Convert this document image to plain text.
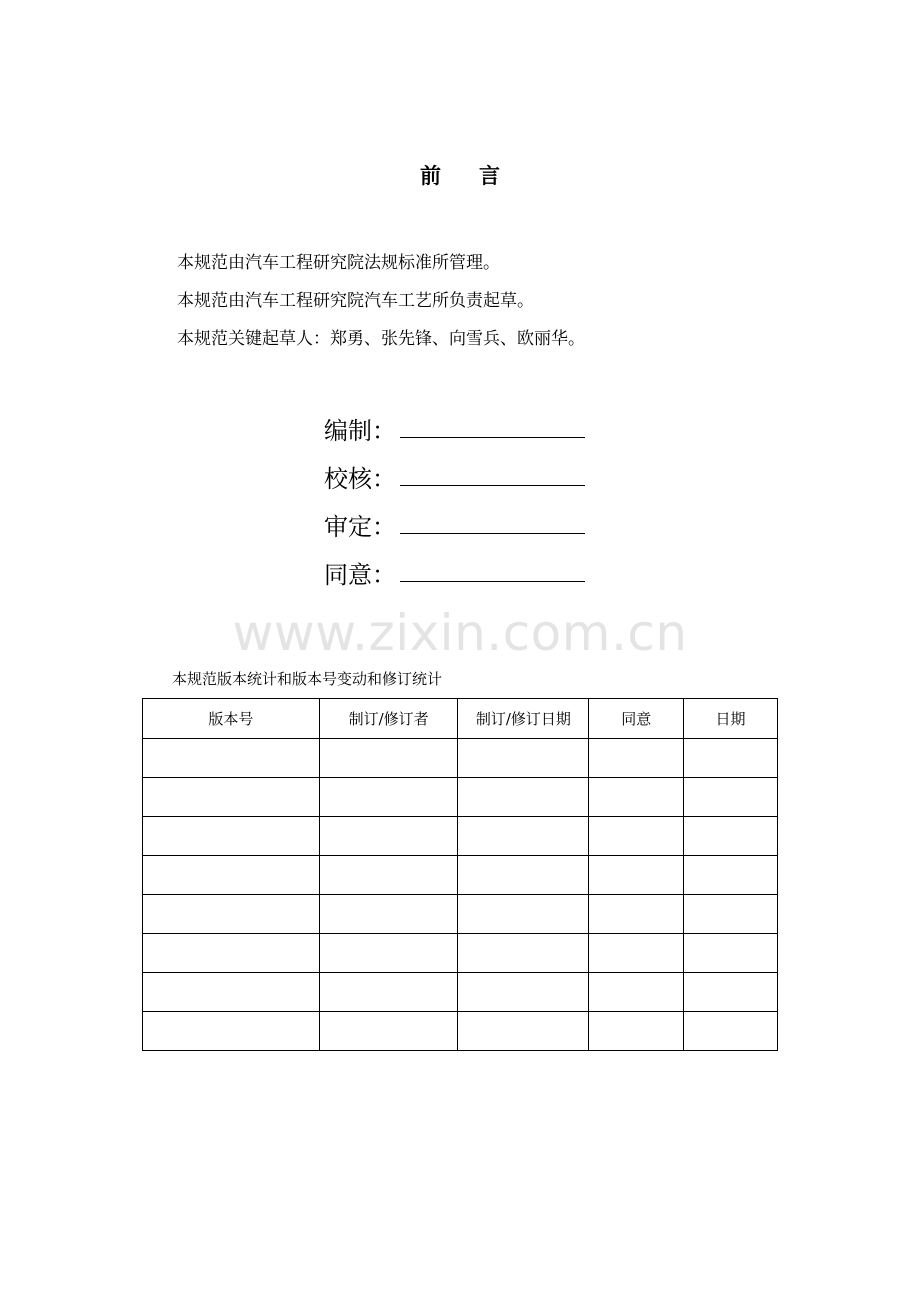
前 言
本规范由汽车工程研究院法规标准所管理。
本规范由汽车工程研究院汽车工艺所负责起草。
本规范关键起草人：郑勇、张先锋、向雪兵、欧丽华。
编制：
校核：
审定：
同意：
www.zixin.com.cn
本规范版本统计和版本号变动和修订统计
版本号	制订/修订者	制订/修订日期	同意	日期
